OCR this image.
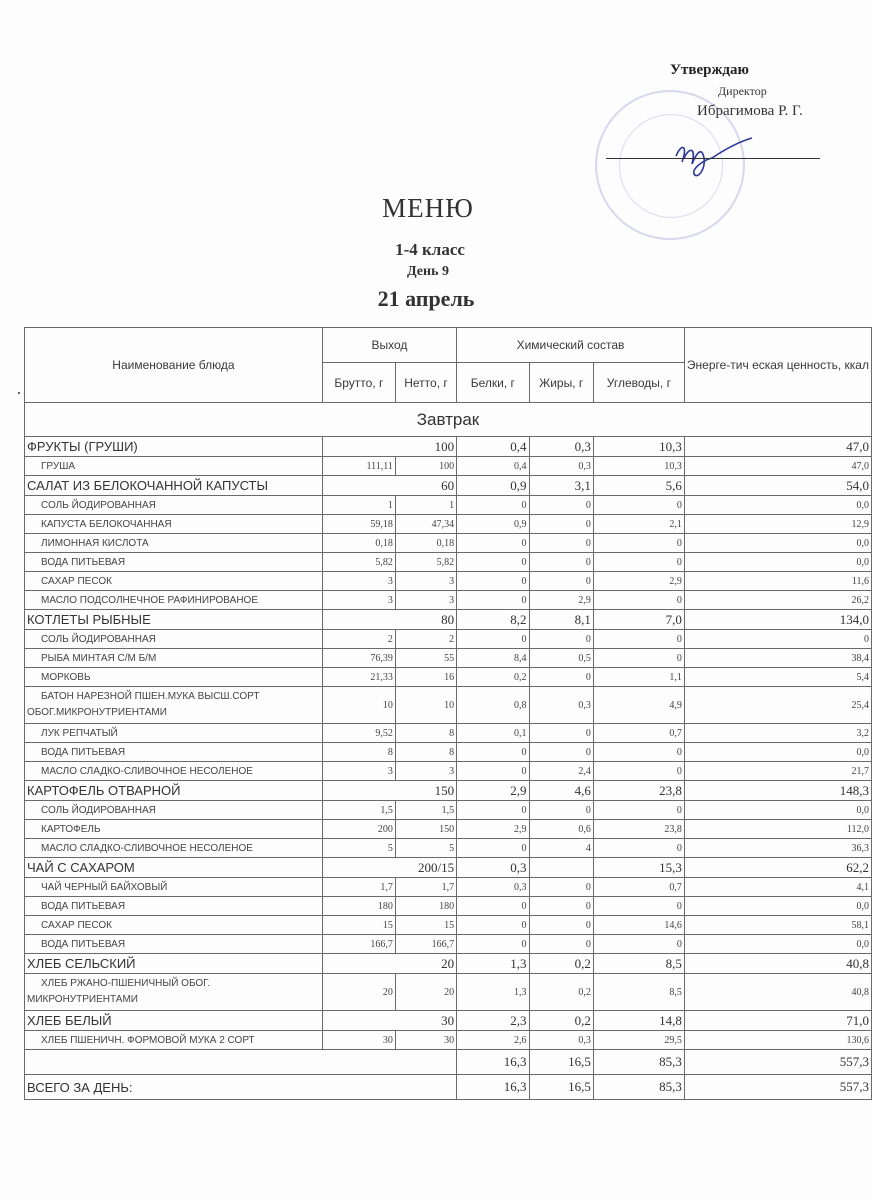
Утверждаю
Директор
Ибрагимова Р. Г.
МЕНЮ
1-4 класс
День 9
21 апрель
Наименование блюда	Выход		Химический состав			Энерге-тич еская ценность, ккал
	Брутто, г	Нетто, г	Белки, г	Жиры, г	Углеводы, г	
Завтрак						
ФРУКТЫ (ГРУШИ)	100		0,4	0,3	10,3	47,0
ГРУША	111,11	100	0,4	0,3	10,3	47,0
САЛАТ ИЗ БЕЛОКОЧАННОЙ КАПУСТЫ	60		0,9	3,1	5,6	54,0
СОЛЬ ЙОДИРОВАННАЯ	1	1	0	0	0	0,0
КАПУСТА БЕЛОКОЧАННАЯ	59,18	47,34	0,9	0	2,1	12,9
ЛИМОННАЯ КИСЛОТА	0,18	0,18	0	0	0	0,0
ВОДА ПИТЬЕВАЯ	5,82	5,82	0	0	0	0,0
САХАР ПЕСОК	3	3	0	0	2,9	11,6
МАСЛО ПОДСОЛНЕЧНОЕ РАФИНИРОВАНОЕ	3	3	0	2,9	0	26,2
КОТЛЕТЫ РЫБНЫЕ	80		8,2	8,1	7,0	134,0
СОЛЬ ЙОДИРОВАННАЯ	2	2	0	0	0	0
РЫБА МИНТАЯ С/М Б/М	76,39	55	8,4	0,5	0	38,4
МОРКОВЬ	21,33	16	0,2	0	1,1	5,4
БАТОН НАРЕЗНОЙ ПШЕН.МУКА ВЫСШ.СОРТ ОБОГ.МИКРОНУТРИЕНТАМИ	10	10	0,8	0,3	4,9	25,4
ЛУК РЕПЧАТЫЙ	9,52	8	0,1	0	0,7	3,2
ВОДА ПИТЬЕВАЯ	8	8	0	0	0	0,0
МАСЛО СЛАДКО-СЛИВОЧНОЕ НЕСОЛЕНОЕ	3	3	0	2,4	0	21,7
КАРТОФЕЛЬ ОТВАРНОЙ	150		2,9	4,6	23,8	148,3
СОЛЬ ЙОДИРОВАННАЯ	1,5	1,5	0	0	0	0,0
КАРТОФЕЛЬ	200	150	2,9	0,6	23,8	112,0
МАСЛО СЛАДКО-СЛИВОЧНОЕ НЕСОЛЕНОЕ	5	5	0	4	0	36,3
ЧАЙ С САХАРОМ	200/15		0,3		15,3	62,2
ЧАЙ ЧЕРНЫЙ БАЙХОВЫЙ	1,7	1,7	0,3	0	0,7	4,1
ВОДА ПИТЬЕВАЯ	180	180	0	0	0	0,0
САХАР ПЕСОК	15	15	0	0	14,6	58,1
ВОДА ПИТЬЕВАЯ	166,7	166,7	0	0	0	0,0
ХЛЕБ СЕЛЬСКИЙ	20		1,3	0,2	8,5	40,8
ХЛЕБ РЖАНО-ПШЕНИЧНЫЙ ОБОГ. МИКРОНУТРИЕНТАМИ	20	20	1,3	0,2	8,5	40,8
ХЛЕБ БЕЛЫЙ	30		2,3	0,2	14,8	71,0
ХЛЕБ ПШЕНИЧН. ФОРМОВОЙ МУКА 2 СОРТ	30	30	2,6	0,3	29,5	130,6
			16,3	16,5	85,3	557,3
ВСЕГО ЗА ДЕНЬ:			16,3	16,5	85,3	557,3
